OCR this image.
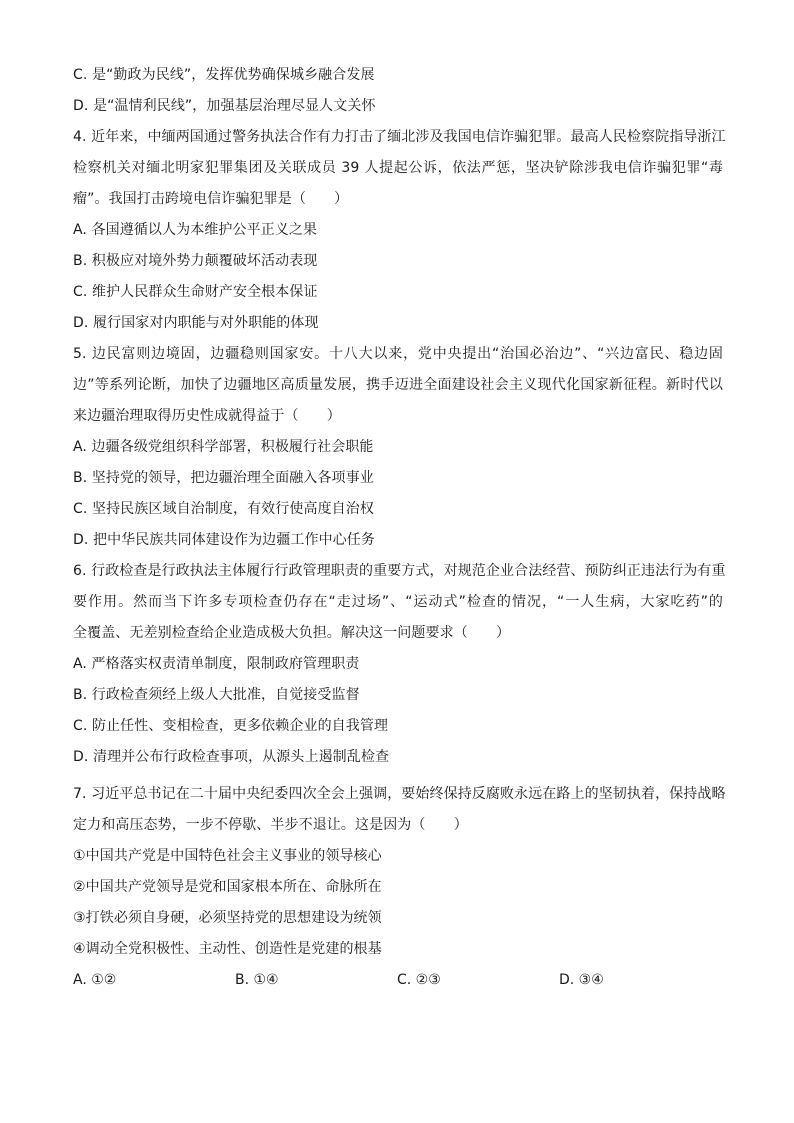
C. 是“勤政为民线”，发挥优势确保城乡融合发展
D. 是“温情利民线”，加强基层治理尽显人文关怀
4. 近年来，中缅两国通过警务执法合作有力打击了缅北涉及我国电信诈骗犯罪。最高人民检察院指导浙江
检察机关对缅北明家犯罪集团及关联成员 39 人提起公诉，依法严惩，坚决铲除涉我电信诈骗犯罪“毒
瘤”。我国打击跨境电信诈骗犯罪是（　　）
A. 各国遵循以人为本维护公平正义之果
B. 积极应对境外势力颠覆破坏活动表现
C. 维护人民群众生命财产安全根本保证
D. 履行国家对内职能与对外职能的体现
5. 边民富则边境固，边疆稳则国家安。十八大以来，党中央提出“治国必治边”、“兴边富民、稳边固
边”等系列论断，加快了边疆地区高质量发展，携手迈进全面建设社会主义现代化国家新征程。新时代以
来边疆治理取得历史性成就得益于（　　）
A. 边疆各级党组织科学部署，积极履行社会职能
B. 坚持党的领导，把边疆治理全面融入各项事业
C. 坚持民族区域自治制度，有效行使高度自治权
D. 把中华民族共同体建设作为边疆工作中心任务
6. 行政检查是行政执法主体履行行政管理职责的重要方式，对规范企业合法经营、预防纠正违法行为有重
要作用。然而当下许多专项检查仍存在“走过场”、“运动式”检查的情况，“一人生病，大家吃药”的
全覆盖、无差别检查给企业造成极大负担。解决这一问题要求（　　）
A. 严格落实权责清单制度，限制政府管理职责
B. 行政检查须经上级人大批准，自觉接受监督
C. 防止任性、变相检查，更多依赖企业的自我管理
D. 清理并公布行政检查事项，从源头上遏制乱检查
7. 习近平总书记在二十届中央纪委四次全会上强调，要始终保持反腐败永远在路上的坚韧执着，保持战略
定力和高压态势，一步不停歇、半步不退让。这是因为（　　）
①中国共产党是中国特色社会主义事业的领导核心
②中国共产党领导是党和国家根本所在、命脉所在
③打铁必须自身硬，必须坚持党的思想建设为统领
④调动全党积极性、主动性、创造性是党建的根基
A. ①②	B. ①④	C. ②③	D. ③④
